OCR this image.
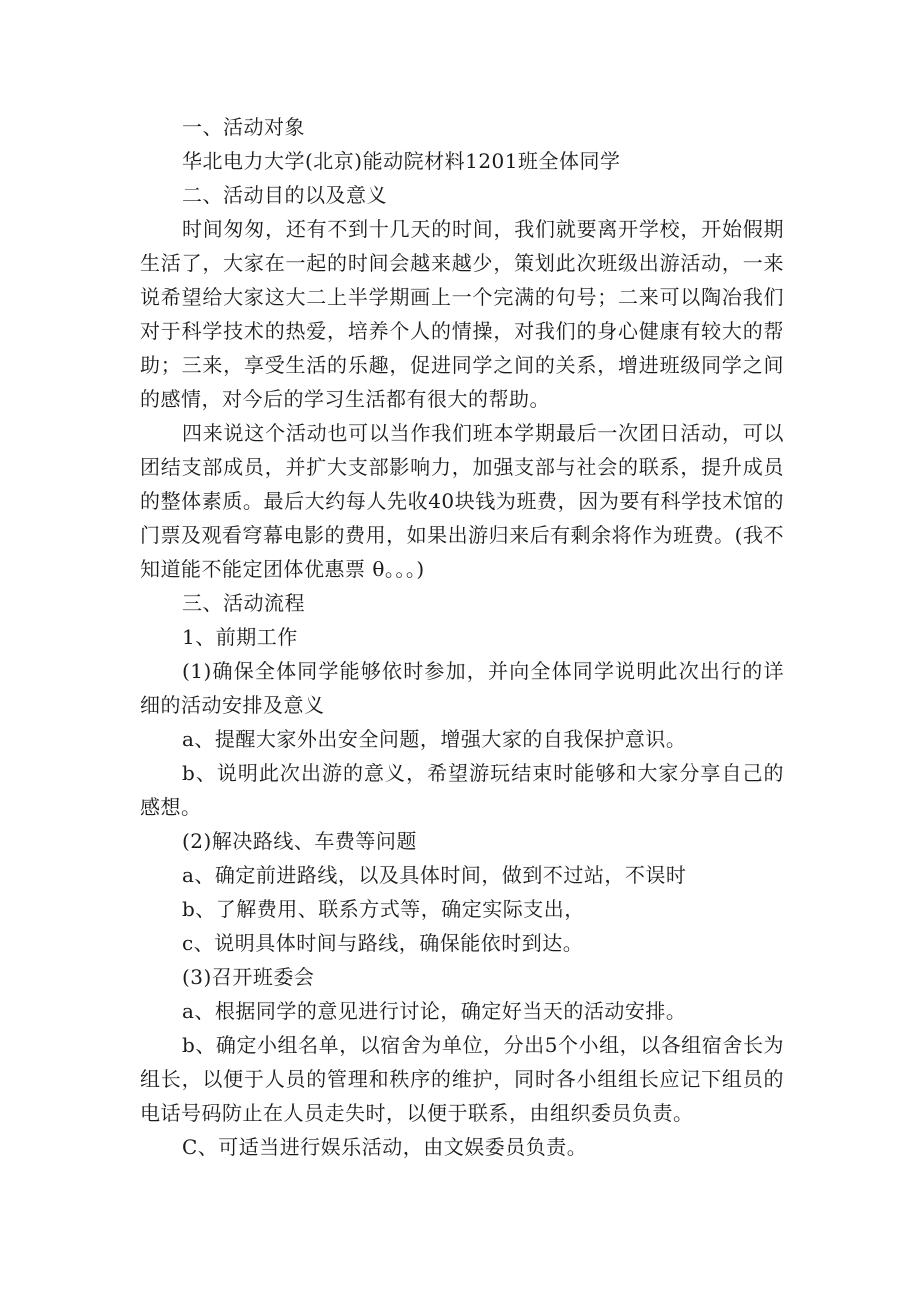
一、活动对象

华北电力大学(北京)能动院材料1201班全体同学

二、活动目的以及意义

时间匆匆，还有不到十几天的时间，我们就要离开学校，开始假期生活了，大家在一起的时间会越来越少，策划此次班级出游活动，一来说希望给大家这大二上半学期画上一个完满的句号；二来可以陶冶我们对于科学技术的热爱，培养个人的情操，对我们的身心健康有较大的帮助；三来，享受生活的乐趣，促进同学之间的关系，增进班级同学之间的感情，对今后的学习生活都有很大的帮助。

四来说这个活动也可以当作我们班本学期最后一次团日活动，可以团结支部成员，并扩大支部影响力，加强支部与社会的联系，提升成员的整体素质。最后大约每人先收40块钱为班费，因为要有科学技术馆的门票及观看穹幕电影的费用，如果出游归来后有剩余将作为班费。(我不知道能不能定团体优惠票 θ。。。)

三、活动流程

1、前期工作

(1)确保全体同学能够依时参加，并向全体同学说明此次出行的详细的活动安排及意义

a、提醒大家外出安全问题，增强大家的自我保护意识。

b、说明此次出游的意义，希望游玩结束时能够和大家分享自己的感想。

(2)解决路线、车费等问题

a、确定前进路线，以及具体时间，做到不过站，不误时

b、了解费用、联系方式等，确定实际支出，

c、说明具体时间与路线，确保能依时到达。

(3)召开班委会

a、根据同学的意见进行讨论，确定好当天的活动安排。

b、确定小组名单，以宿舍为单位，分出5个小组，以各组宿舍长为组长，以便于人员的管理和秩序的维护，同时各小组组长应记下组员的电话号码防止在人员走失时，以便于联系，由组织委员负责。

C、可适当进行娱乐活动，由文娱委员负责。
